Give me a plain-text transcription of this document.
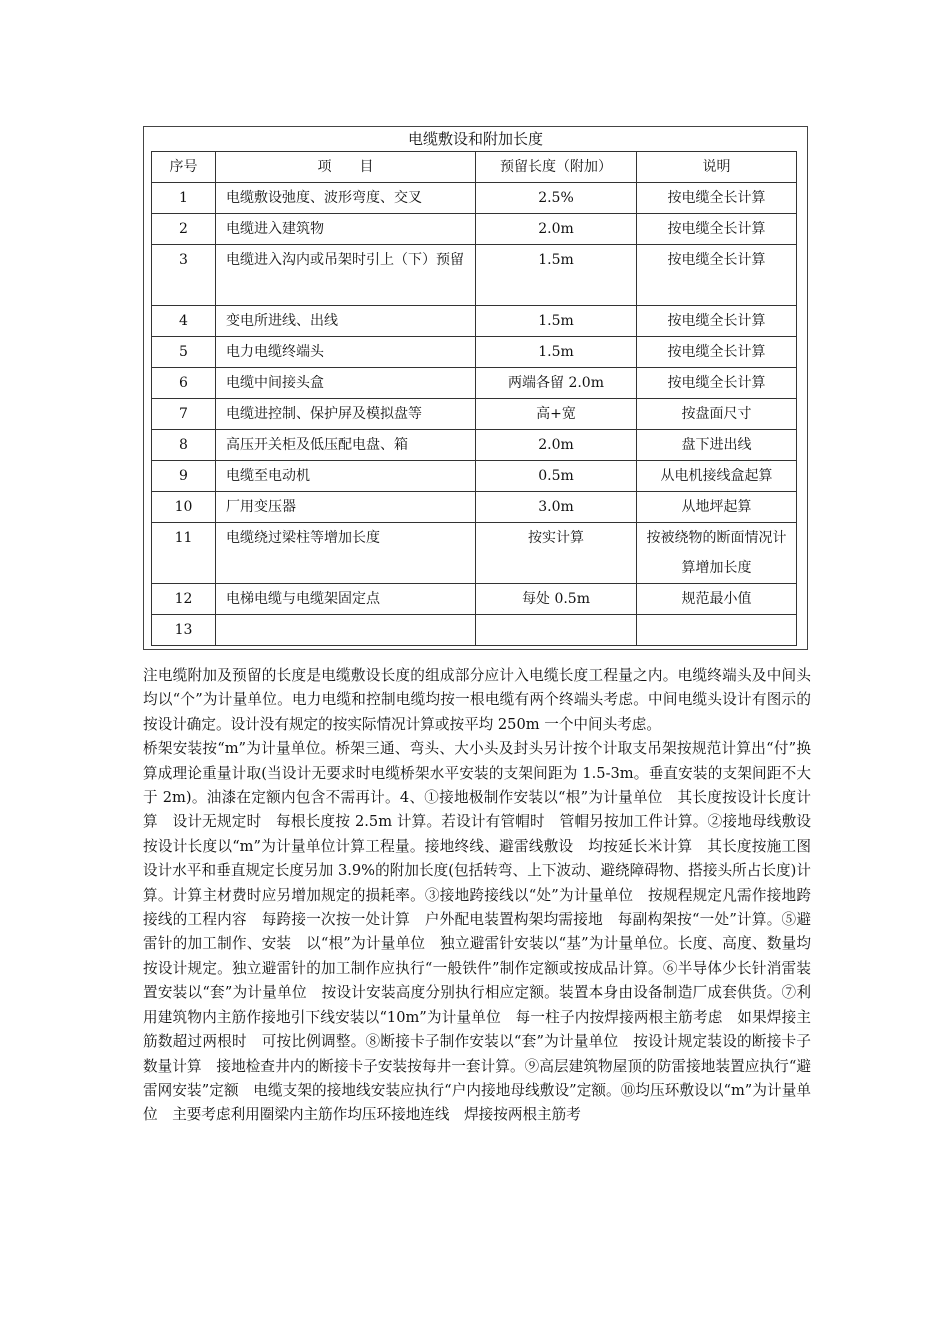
电缆敷设和附加长度
序号	项　　目	预留长度（附加）	说明
1	电缆敷设弛度、波形弯度、交叉	2.5%	按电缆全长计算
2	电缆进入建筑物	2.0m	按电缆全长计算
3	电缆进入沟内或吊架时引上（下）预留	1.5m	按电缆全长计算
4	变电所进线、出线	1.5m	按电缆全长计算
5	电力电缆终端头	1.5m	按电缆全长计算
6	电缆中间接头盒	两端各留 2.0m	按电缆全长计算
7	电缆进控制、保护屏及模拟盘等	高+宽	按盘面尺寸
8	高压开关柜及低压配电盘、箱	2.0m	盘下进出线
9	电缆至电动机	0.5m	从电机接线盒起算
10	厂用变压器	3.0m	从地坪起算
11	电缆绕过梁柱等增加长度	按实计算	按被绕物的断面情况计算增加长度
12	电梯电缆与电缆架固定点	每处 0.5m	规范最小值
13			

注电缆附加及预留的长度是电缆敷设长度的组成部分应计入电缆长度工程量之内。电缆终端头及中间头均以“个”为计量单位。电力电缆和控制电缆均按一根电缆有两个终端头考虑。中间电缆头设计有图示的按设计确定。设计没有规定的按实际情况计算或按平均 250m 一个中间头考虑。

桥架安装按“m”为计量单位。桥架三通、弯头、大小头及封头另计按个计取支吊架按规范计算出“付”换算成理论重量计取(当设计无要求时电缆桥架水平安装的支架间距为 1.5-3m。垂直安装的支架间距不大于 2m)。油漆在定额内包含不需再计。4、①接地极制作安装以“根”为计量单位　其长度按设计长度计算　设计无规定时　每根长度按 2.5m 计算。若设计有管帽时　管帽另按加工件计算。②接地母线敷设　按设计长度以“m”为计量单位计算工程量。接地终线、避雷线敷设　均按延长米计算　其长度按施工图设计水平和垂直规定长度另加 3.9%的附加长度(包括转弯、上下波动、避绕障碍物、搭接头所占长度)计算。计算主材费时应另增加规定的损耗率。③接地跨接线以“处”为计量单位　按规程规定凡需作接地跨接线的工程内容　每跨接一次按一处计算　户外配电装置构架均需接地　每副构架按“一处”计算。⑤避雷针的加工制作、安装　以“根”为计量单位　独立避雷针安装以“基”为计量单位。长度、高度、数量均按设计规定。独立避雷针的加工制作应执行“一般铁件”制作定额或按成品计算。⑥半导体少长针消雷装置安装以“套”为计量单位　按设计安装高度分别执行相应定额。装置本身由设备制造厂成套供货。⑦利用建筑物内主筋作接地引下线安装以“10m”为计量单位　每一柱子内按焊接两根主筋考虑　如果焊接主筋数超过两根时　可按比例调整。⑧断接卡子制作安装以“套”为计量单位　按设计规定装设的断接卡子数量计算　接地检查井内的断接卡子安装按每井一套计算。⑨高层建筑物屋顶的防雷接地装置应执行“避雷网安装”定额　电缆支架的接地线安装应执行“户内接地母线敷设”定额。⑩均压环敷设以“m”为计量单位　主要考虑利用圈梁内主筋作均压环接地连线　焊接按两根主筋考
